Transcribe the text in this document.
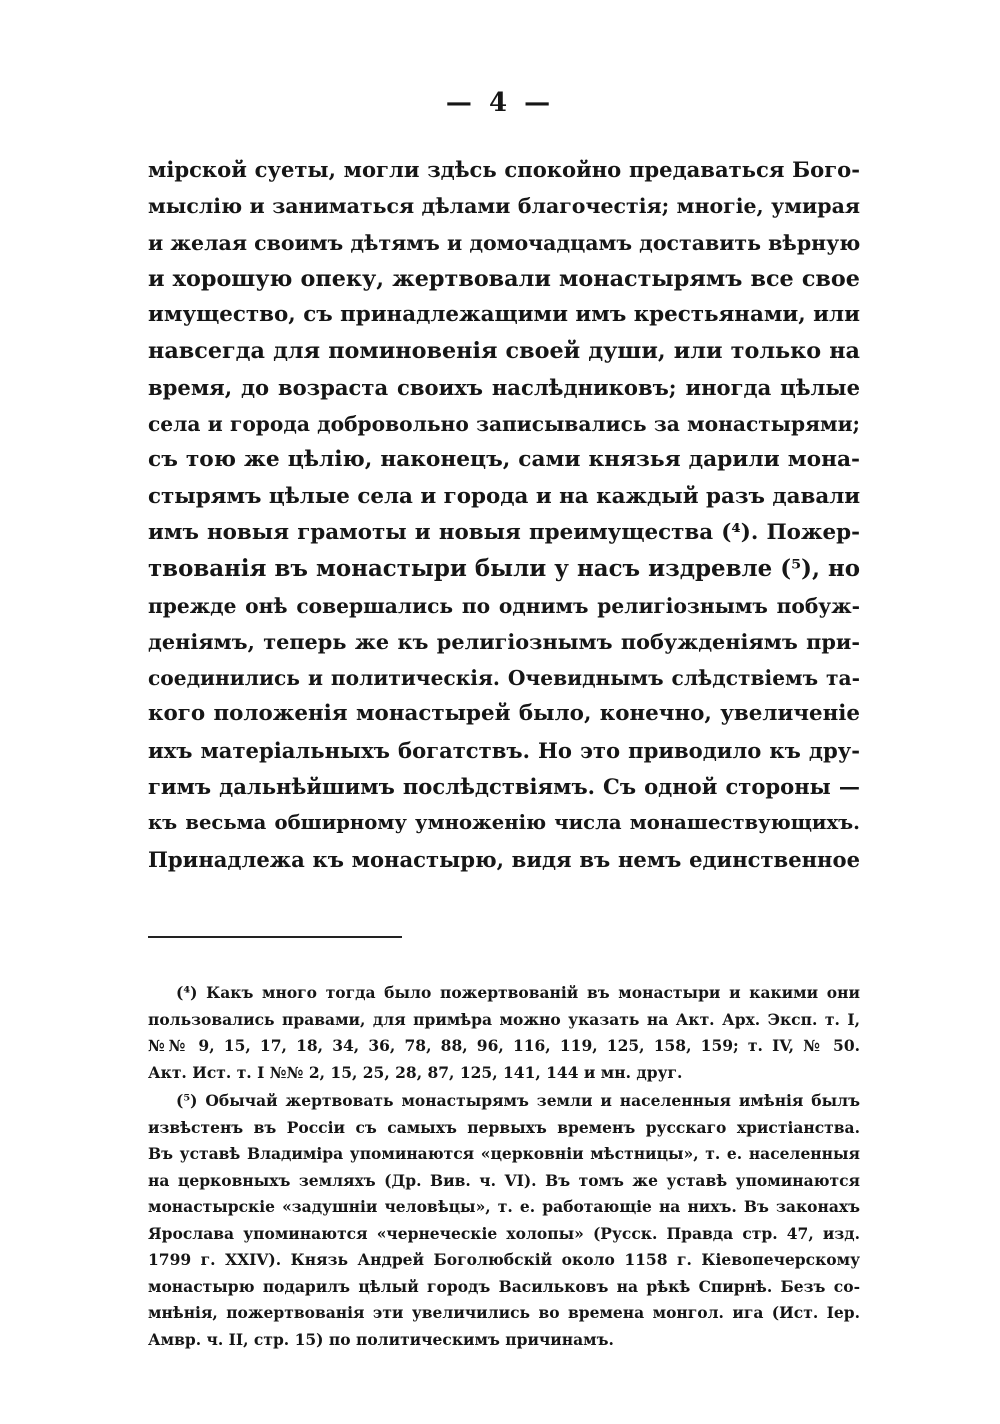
— 4 —
мірской суеты, могли здѣсь спокойно предаваться Бого-
мыслію и заниматься дѣлами благочестія; многіе, умирая
и желая своимъ дѣтямъ и домочадцамъ доставить вѣрную
и хорошую опеку, жертвовали монастырямъ все свое
имущество, съ принадлежащими имъ крестьянами, или
навсегда для поминовенія своей души, или только на
время, до возраста своихъ наслѣдниковъ; иногда цѣлые
села и города добровольно записывались за монастырями;
съ тою же цѣлію, наконецъ, сами князья дарили мона-
стырямъ цѣлые села и города и на каждый разъ давали
имъ новыя грамоты и новыя преимущества (⁴). Пожер-
твованія въ монастыри были у насъ издревле (⁵), но
прежде онѣ совершались по однимъ религіознымъ побуж-
деніямъ, теперь же къ религіознымъ побужденіямъ при-
соединились и политическія. Очевиднымъ слѣдствіемъ та-
кого положенія монастырей было, конечно, увеличеніе
ихъ матеріальныхъ богатствъ. Но это приводило къ дру-
гимъ дальнѣйшимъ послѣдствіямъ. Съ одной стороны —
къ весьма обширному умноженію числа монашествующихъ.
Принадлежа къ монастырю, видя въ немъ единственное
(⁴) Какъ много тогда было пожертвованій въ монастыри и какими они
пользовались правами, для примѣра можно указать на Акт. Арх. Эксп. т. I,
№№ 9, 15, 17, 18, 34, 36, 78, 88, 96, 116, 119, 125, 158, 159; т. IV, № 50.
Акт. Ист. т. I №№ 2, 15, 25, 28, 87, 125, 141, 144 и мн. друг.
(⁵) Обычай жертвовать монастырямъ земли и населенныя имѣнія былъ
извѣстенъ въ Россіи съ самыхъ первыхъ временъ русскаго христіанства.
Въ уставѣ Владиміра упоминаются «церковніи мѣстницы», т. е. населенныя
на церковныхъ земляхъ (Др. Вив. ч. VI). Въ томъ же уставѣ упоминаются
монастырскіе «задушніи человѣцы», т. е. работающіе на нихъ. Въ законахъ
Ярослава упоминаются «чернеческіе холопы» (Русск. Правда стр. 47, изд.
1799 г. XXIV). Князь Андрей Боголюбскій около 1158 г. Кіевопечерскому
монастырю подарилъ цѣлый городъ Васильковъ на рѣкѣ Спирнѣ. Безъ со-
мнѣнія, пожертвованія эти увеличились во времена монгол. ига (Ист. Іер.
Амвр. ч. II, стр. 15) по политическимъ причинамъ.
